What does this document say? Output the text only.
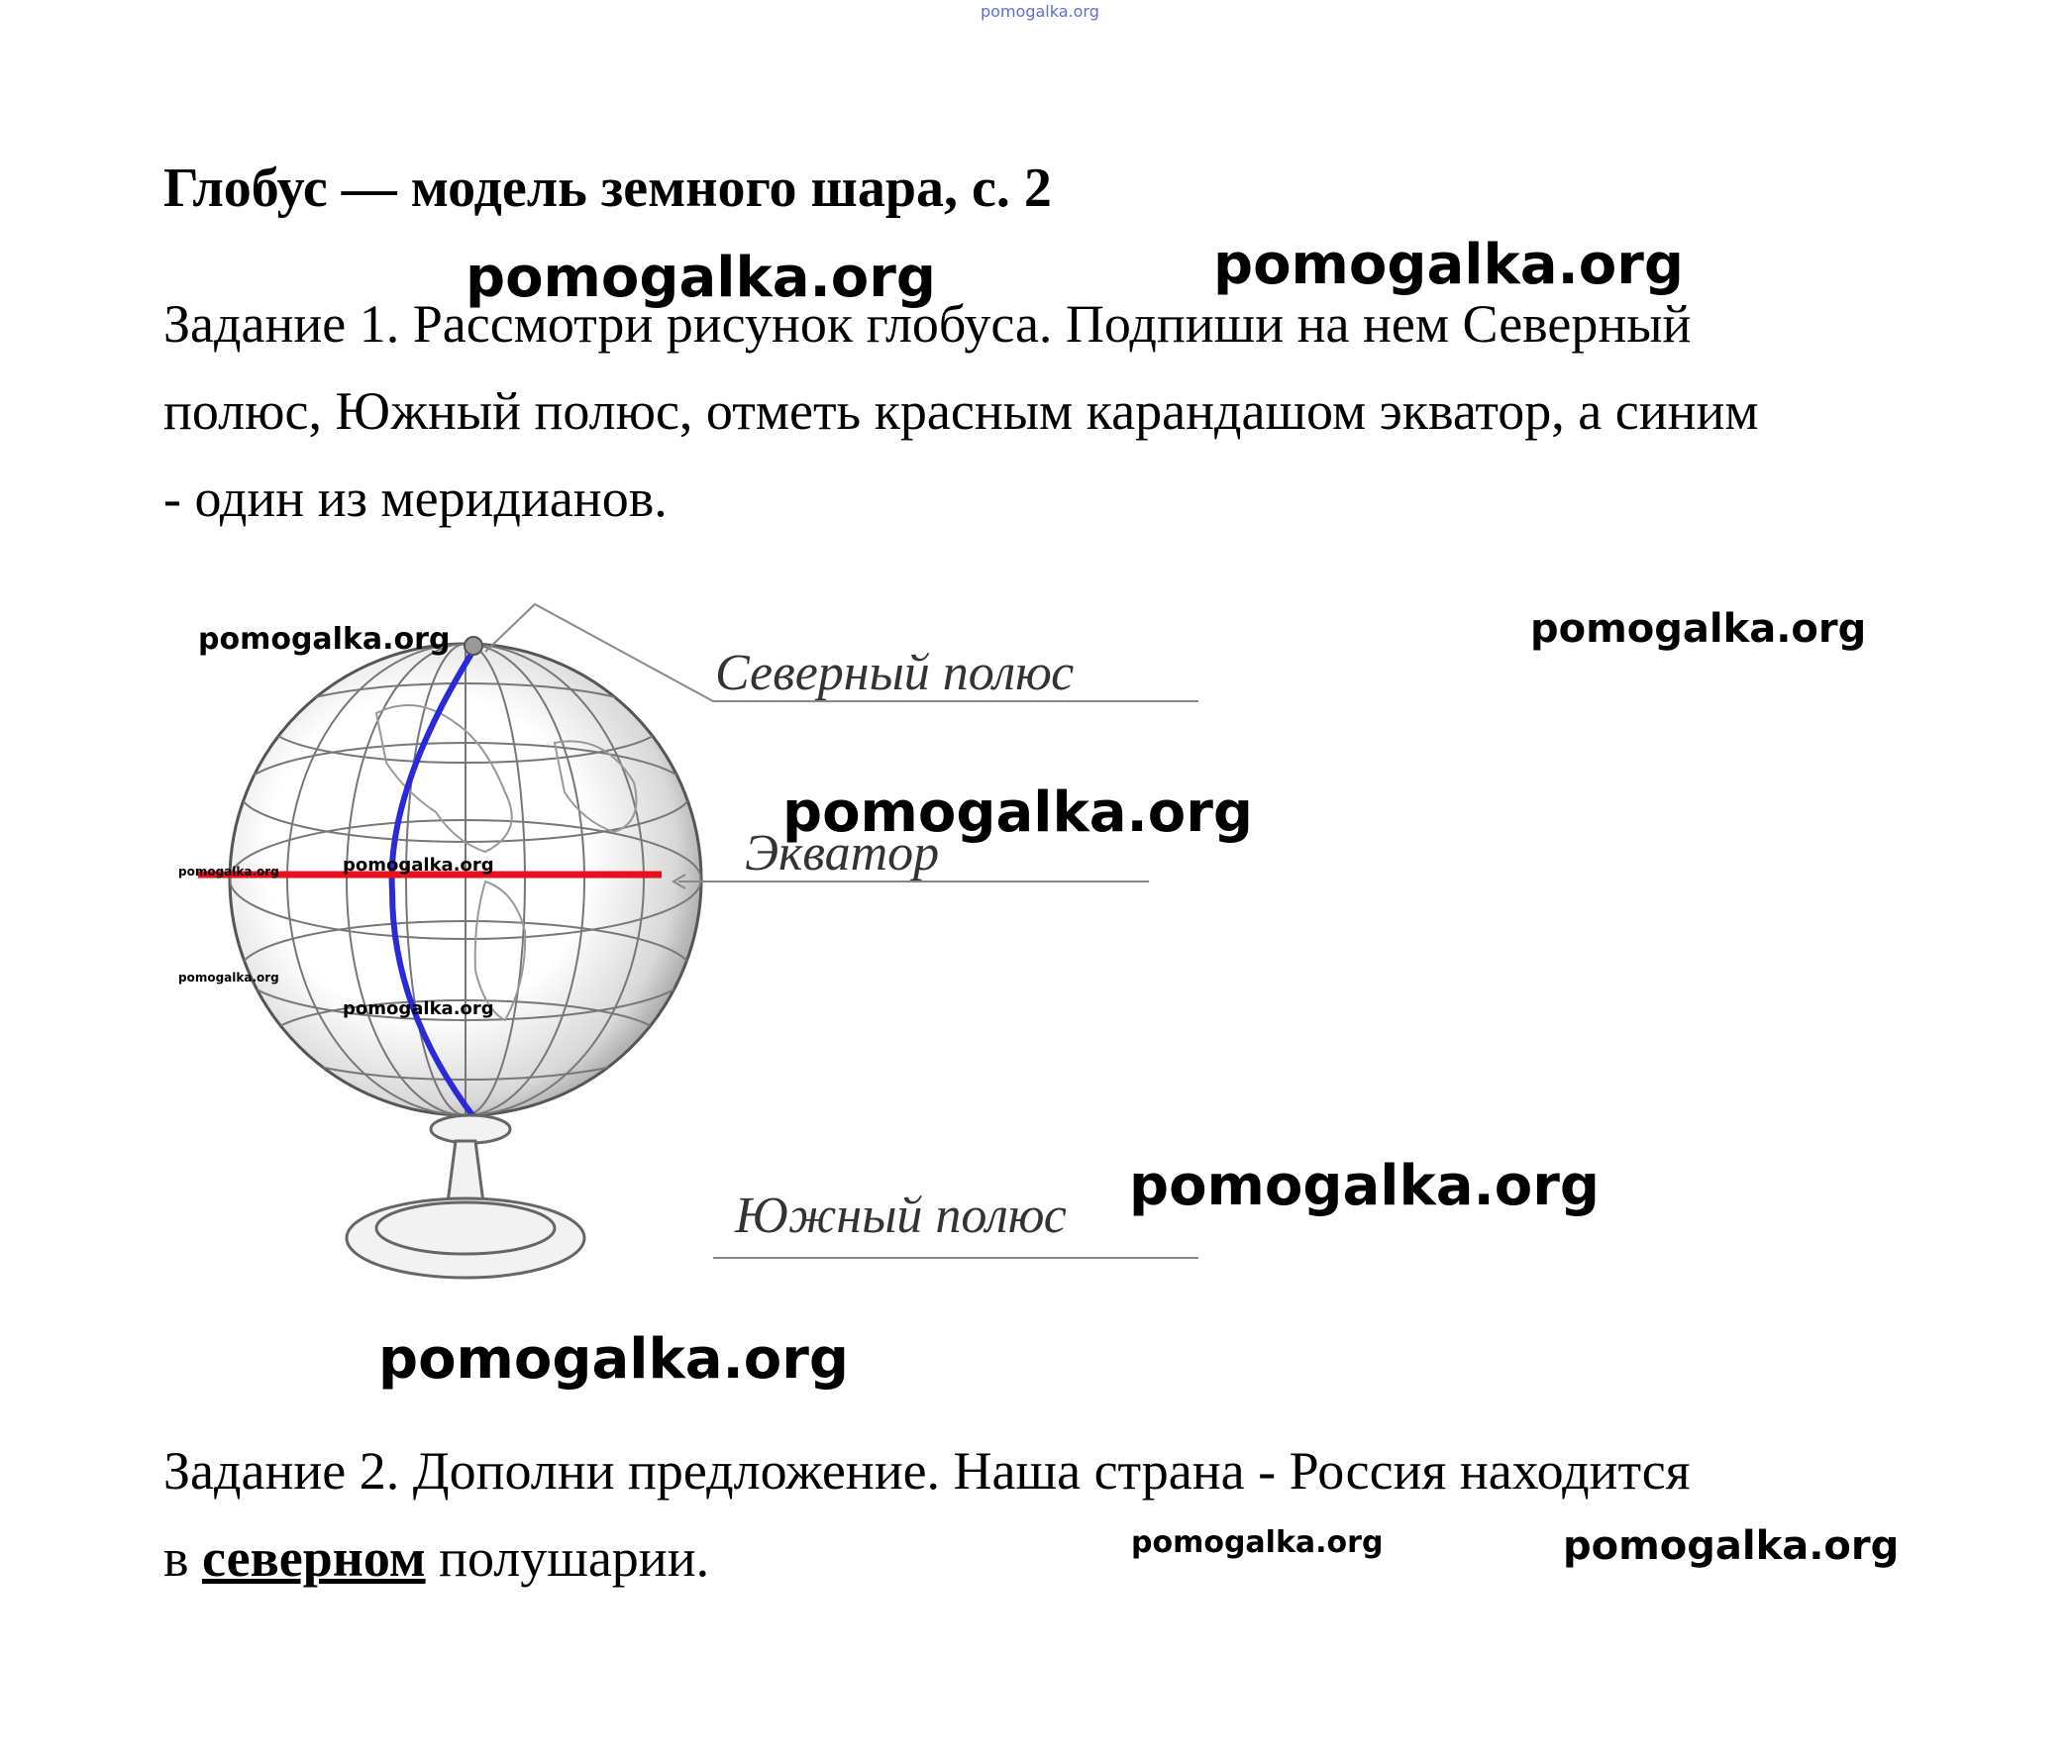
pomogalka.org
Глобус — модель земного шара, с. 2
Задание 1. Рассмотри рисунок глобуса. Подпиши на нем Северный
полюс, Южный полюс, отметь красным карандашом экватор, а синим
- один из меридианов.
Северный полюс
Экватор
Южный полюс
Задание 2. Дополни предложение. Наша страна - Россия находится
в северном полушарии.
pomogalka.org	pomogalka.org
pomogalka.org	pomogalka.org
pomogalka.org
pomogalka.org	pomogalka.org
pomogalka.org
pomogalka.org
pomogalka.org
pomogalka.org
pomogalka.org	pomogalka.org
pomogalka.org
